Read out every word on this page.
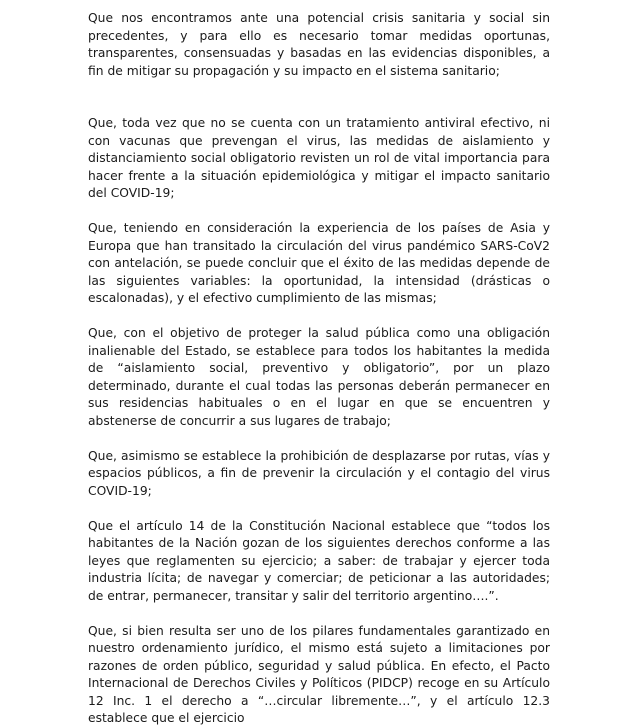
Que nos encontramos ante una potencial crisis sanitaria y social sin precedentes, y para ello es necesario tomar medidas oportunas, transparentes, consensuadas y basadas en las evidencias disponibles, a fin de mitigar su propagación y su impacto en el sistema sanitario;

Que, toda vez que no se cuenta con un tratamiento antiviral efectivo, ni con vacunas que prevengan el virus, las medidas de aislamiento y distanciamiento social obligatorio revisten un rol de vital importancia para hacer frente a la situación epidemiológica y mitigar el impacto sanitario del COVID-19;

Que, teniendo en consideración la experiencia de los países de Asia y Europa que han transitado la circulación del virus pandémico SARS-CoV2 con antelación, se puede concluir que el éxito de las medidas depende de las siguientes variables: la oportunidad, la intensidad (drásticas o escalonadas), y el efectivo cumplimiento de las mismas;

Que, con el objetivo de proteger la salud pública como una obligación inalienable del Estado, se establece para todos los habitantes la medida de “aislamiento social, preventivo y obligatorio”, por un plazo determinado, durante el cual todas las personas deberán permanecer en sus residencias habituales o en el lugar en que se encuentren y abstenerse de concurrir a sus lugares de trabajo;

Que, asimismo se establece la prohibición de desplazarse por rutas, vías y espacios públicos, a fin de prevenir la circulación y el contagio del virus COVID-19;

Que el artículo 14 de la Constitución Nacional establece que “todos los habitantes de la Nación gozan de los siguientes derechos conforme a las leyes que reglamenten su ejercicio; a saber: de trabajar y ejercer toda industria lícita; de navegar y comerciar; de peticionar a las autoridades; de entrar, permanecer, transitar y salir del territorio argentino….”.

Que, si bien resulta ser uno de los pilares fundamentales garantizado en nuestro ordenamiento jurídico, el mismo está sujeto a limitaciones por razones de orden público, seguridad y salud pública. En efecto, el Pacto Internacional de Derechos Civiles y Políticos (PIDCP) recoge en su Artículo 12 Inc. 1 el derecho a “…circular libremente…”, y el artículo 12.3 establece que el ejercicio
